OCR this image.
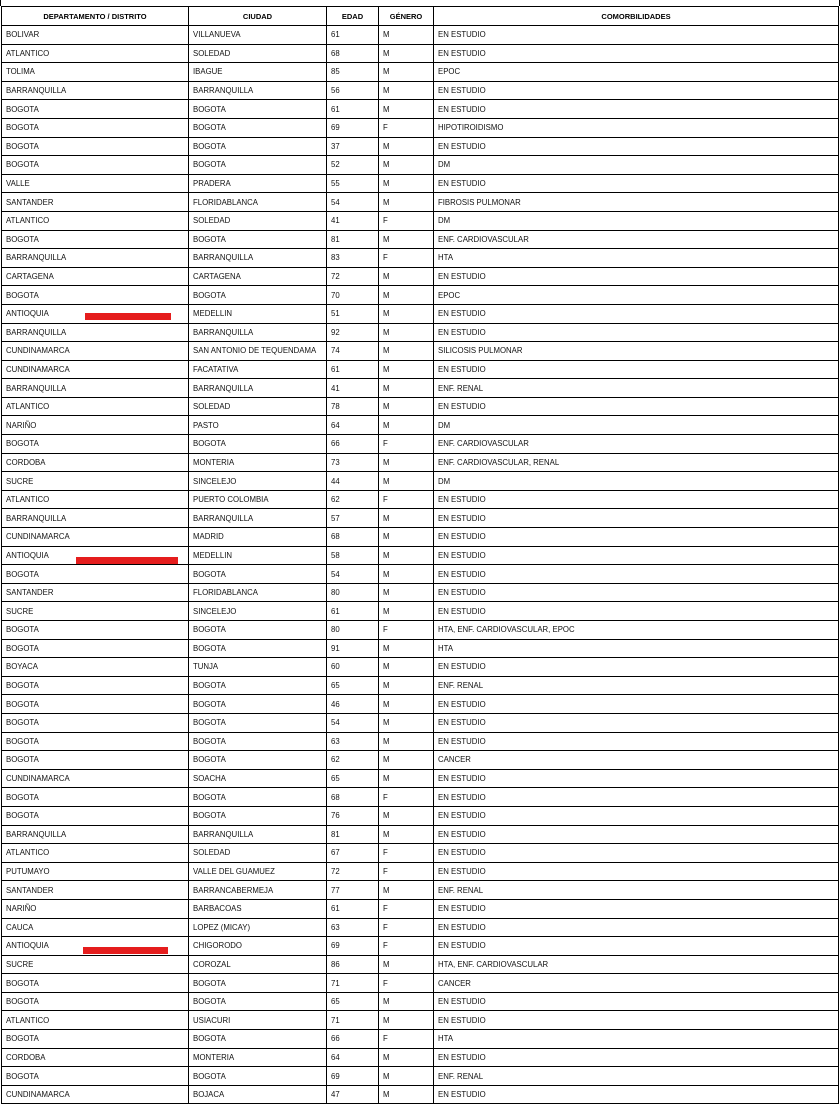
DEPARTAMENTO / DISTRITO	CIUDAD	EDAD	GÉNERO	COMORBILIDADES
BOLIVAR	VILLANUEVA	61	M	EN ESTUDIO
ATLANTICO	SOLEDAD	68	M	EN ESTUDIO
TOLIMA	IBAGUE	85	M	EPOC
BARRANQUILLA	BARRANQUILLA	56	M	EN ESTUDIO
BOGOTA	BOGOTA	61	M	EN ESTUDIO
BOGOTA	BOGOTA	69	F	HIPOTIROIDISMO
BOGOTA	BOGOTA	37	M	EN ESTUDIO
BOGOTA	BOGOTA	52	M	DM
VALLE	PRADERA	55	M	EN ESTUDIO
SANTANDER	FLORIDABLANCA	54	M	FIBROSIS PULMONAR
ATLANTICO	SOLEDAD	41	F	DM
BOGOTA	BOGOTA	81	M	ENF. CARDIOVASCULAR
BARRANQUILLA	BARRANQUILLA	83	F	HTA
CARTAGENA	CARTAGENA	72	M	EN ESTUDIO
BOGOTA	BOGOTA	70	M	EPOC
ANTIOQUIA	MEDELLIN	51	M	EN ESTUDIO
BARRANQUILLA	BARRANQUILLA	92	M	EN ESTUDIO
CUNDINAMARCA	SAN ANTONIO DE TEQUENDAMA	74	M	SILICOSIS PULMONAR
CUNDINAMARCA	FACATATIVA	61	M	EN ESTUDIO
BARRANQUILLA	BARRANQUILLA	41	M	ENF. RENAL
ATLANTICO	SOLEDAD	78	M	EN ESTUDIO
NARIÑO	PASTO	64	M	DM
BOGOTA	BOGOTA	66	F	ENF. CARDIOVASCULAR
CORDOBA	MONTERIA	73	M	ENF. CARDIOVASCULAR, RENAL
SUCRE	SINCELEJO	44	M	DM
ATLANTICO	PUERTO COLOMBIA	62	F	EN ESTUDIO
BARRANQUILLA	BARRANQUILLA	57	M	EN ESTUDIO
CUNDINAMARCA	MADRID	68	M	EN ESTUDIO
ANTIOQUIA	MEDELLIN	58	M	EN ESTUDIO
BOGOTA	BOGOTA	54	M	EN ESTUDIO
SANTANDER	FLORIDABLANCA	80	M	EN ESTUDIO
SUCRE	SINCELEJO	61	M	EN ESTUDIO
BOGOTA	BOGOTA	80	F	HTA, ENF. CARDIOVASCULAR, EPOC
BOGOTA	BOGOTA	91	M	HTA
BOYACA	TUNJA	60	M	EN ESTUDIO
BOGOTA	BOGOTA	65	M	ENF. RENAL
BOGOTA	BOGOTA	46	M	EN ESTUDIO
BOGOTA	BOGOTA	54	M	EN ESTUDIO
BOGOTA	BOGOTA	63	M	EN ESTUDIO
BOGOTA	BOGOTA	62	M	CANCER
CUNDINAMARCA	SOACHA	65	M	EN ESTUDIO
BOGOTA	BOGOTA	68	F	EN ESTUDIO
BOGOTA	BOGOTA	76	M	EN ESTUDIO
BARRANQUILLA	BARRANQUILLA	81	M	EN ESTUDIO
ATLANTICO	SOLEDAD	67	F	EN ESTUDIO
PUTUMAYO	VALLE DEL GUAMUEZ	72	F	EN ESTUDIO
SANTANDER	BARRANCABERMEJA	77	M	ENF. RENAL
NARIÑO	BARBACOAS	61	F	EN ESTUDIO
CAUCA	LOPEZ (MICAY)	63	F	EN ESTUDIO
ANTIOQUIA	CHIGORODO	69	F	EN ESTUDIO
SUCRE	COROZAL	86	M	HTA, ENF. CARDIOVASCULAR
BOGOTA	BOGOTA	71	F	CANCER
BOGOTA	BOGOTA	65	M	EN ESTUDIO
ATLANTICO	USIACURI	71	M	EN ESTUDIO
BOGOTA	BOGOTA	66	F	HTA
CORDOBA	MONTERIA	64	M	EN ESTUDIO
BOGOTA	BOGOTA	69	M	ENF. RENAL
CUNDINAMARCA	BOJACA	47	M	EN ESTUDIO
